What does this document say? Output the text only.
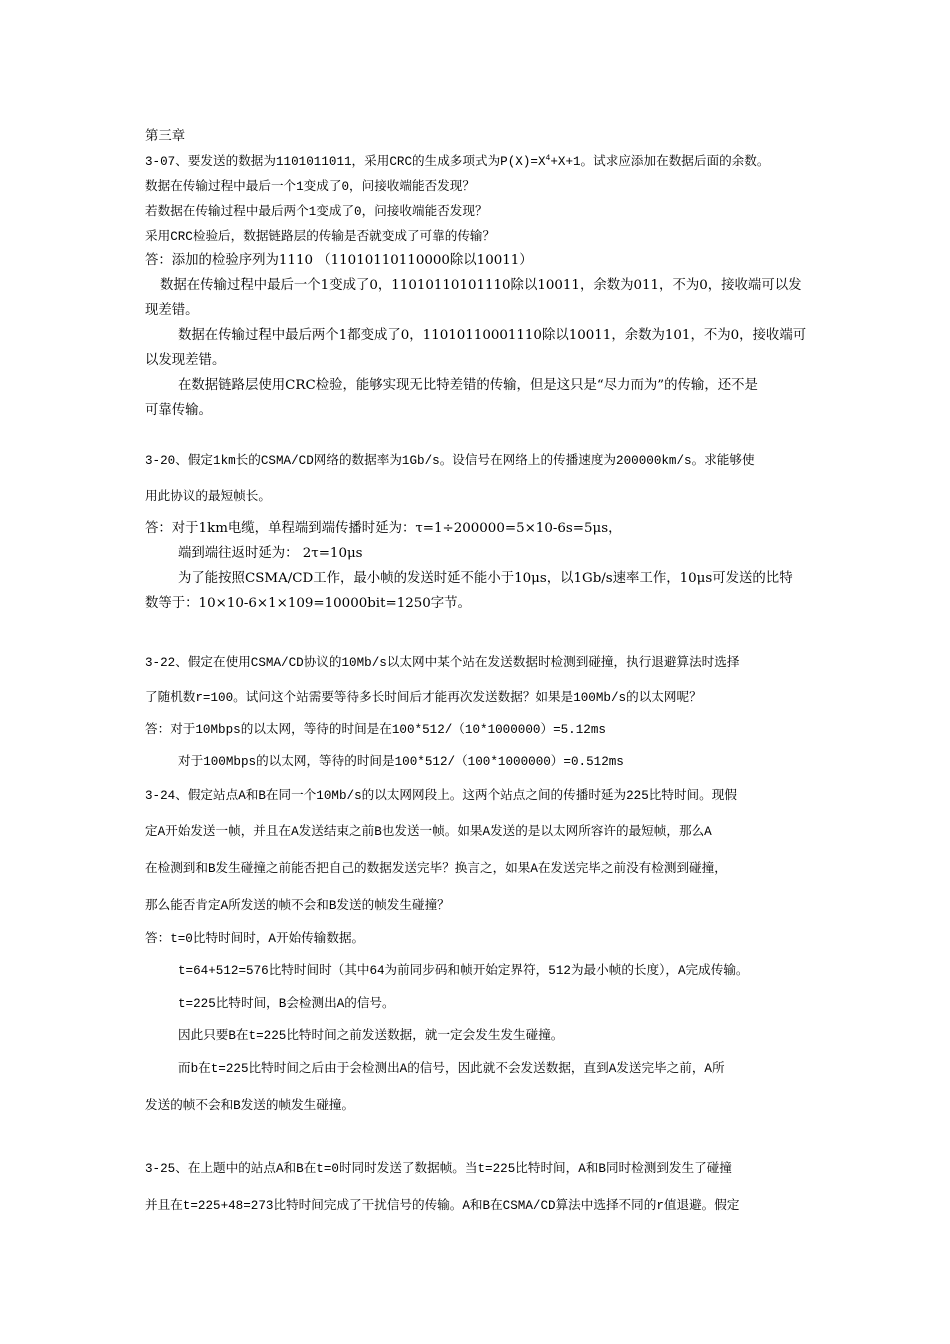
第三章

3-07、要发送的数据为1101011011，采用CRC的生成多项式为$P(X)=X^4+X+1$。试求应添加在数据后面的余数。

数据在传输过程中最后一个1变成了0，问接收端能否发现？

若数据在传输过程中最后两个1变成了0，问接收端能否发现？

采用CRC检验后，数据链路层的传输是否就变成了可靠的传输？

答：添加的检验序列为1110 （11010110110000除以10011）

数据在传输过程中最后一个1变成了0，11010110101110除以10011，余数为011，不为0，接收端可以发

现差错。

数据在传输过程中最后两个1都变成了0，11010110001110除以10011，余数为101，不为0，接收端可

以发现差错。

在数据链路层使用CRC检验，能够实现无比特差错的传输，但是这只是“尽力而为”的传输，还不是

可靠传输。

3-20、假定1km长的CSMA/CD网络的数据率为1Gb/s。设信号在网络上的传播速度为200000km/s。求能够使

用此协议的最短帧长。

答：对于1km电缆，单程端到端传播时延为：τ=1÷200000=5×10-6s=5μs，

端到端往返时延为： 2τ=10μs

为了能按照CSMA/CD工作，最小帧的发送时延不能小于10μs，以1Gb/s速率工作，10μs可发送的比特

数等于：10×10-6×1×109=10000bit=1250字节。

3-22、假定在使用CSMA/CD协议的10Mb/s以太网中某个站在发送数据时检测到碰撞，执行退避算法时选择

了随机数r=100。试问这个站需要等待多长时间后才能再次发送数据？如果是100Mb/s的以太网呢？

答：对于10Mbps的以太网，等待的时间是在100*512/（10*1000000）=5.12ms

对于100Mbps的以太网，等待的时间是100*512/（100*1000000）=0.512ms

3-24、假定站点A和B在同一个10Mb/s的以太网网段上。这两个站点之间的传播时延为225比特时间。现假

定A开始发送一帧，并且在A发送结束之前B也发送一帧。如果A发送的是以太网所容许的最短帧，那么A

在检测到和B发生碰撞之前能否把自己的数据发送完毕？换言之，如果A在发送完毕之前没有检测到碰撞，

那么能否肯定A所发送的帧不会和B发送的帧发生碰撞？

答：t=0比特时间时，A开始传输数据。

t=64+512=576比特时间时（其中64为前同步码和帧开始定界符，512为最小帧的长度），A完成传输。

t=225比特时间，B会检测出A的信号。

因此只要B在t=225比特时间之前发送数据，就一定会发生发生碰撞。

而b在t=225比特时间之后由于会检测出A的信号，因此就不会发送数据，直到A发送完毕之前，A所

发送的帧不会和B发送的帧发生碰撞。

3-25、在上题中的站点A和B在t=0时同时发送了数据帧。当t=225比特时间，A和B同时检测到发生了碰撞

并且在t=225+48=273比特时间完成了干扰信号的传输。A和B在CSMA/CD算法中选择不同的r值退避。假定
